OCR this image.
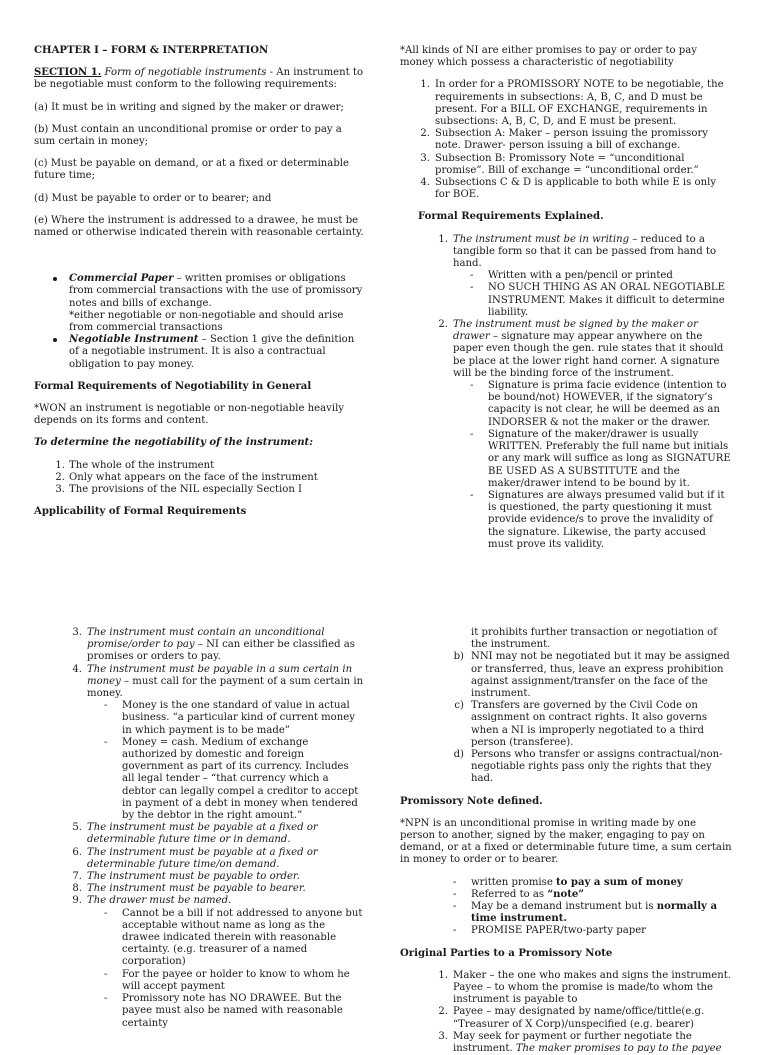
CHAPTER I – FORM & INTERPRETATION

SECTION 1. Form of negotiable instruments - An instrument to be negotiable must conform to the following requirements:

(a) It must be in writing and signed by the maker or drawer;

(b) Must contain an unconditional promise or order to pay a sum certain in money;

(c) Must be payable on demand, or at a fixed or determinable future time;

(d) Must be payable to order or to bearer; and

(e) Where the instrument is addressed to a drawee, he must be named or otherwise indicated therein with reasonable certainty.

Commercial Paper – written promises or obligations from commercial transactions with the use of promissory notes and bills of exchange.
*either negotiable or non-negotiable and should arise from commercial transactions
Negotiable Instrument – Section 1 give the definition of a negotiable instrument. It is also a contractual obligation to pay money.

Formal Requirements of Negotiability in General

*WON an instrument is negotiable or non-negotiable heavily depends on its forms and content.

To determine the negotiability of the instrument:

1. The whole of the instrument
2. Only what appears on the face of the instrument
3. The provisions of the NIL especially Section I

Applicability of Formal Requirements

*All kinds of NI are either promises to pay or order to pay money which possess a characteristic of negotiability

1. In order for a PROMISSORY NOTE to be negotiable, the requirements in subsections: A, B, C, and D must be present. For a BILL OF EXCHANGE, requirements in subsections: A, B, C, D, and E must be present.
2. Subsection A: Maker – person issuing the promissory note. Drawer- person issuing a bill of exchange.
3. Subsection B: Promissory Note = “unconditional promise”. Bill of exchange = “unconditional order.”
4. Subsections C & D is applicable to both while E is only for BOE.

Formal Requirements Explained.

1. The instrument must be in writing – reduced to a tangible form so that it can be passed from hand to hand.
- Written with a pen/pencil or printed
- NO SUCH THING AS AN ORAL NEGOTIABLE INSTRUMENT. Makes it difficult to determine liability.
2. The instrument must be signed by the maker or drawer – signature may appear anywhere on the paper even though the gen. rule states that it should be place at the lower right hand corner. A signature will be the binding force of the instrument.
- Signature is prima facie evidence (intention to be bound/not) HOWEVER, if the signatory’s capacity is not clear, he will be deemed as an INDORSER & not the maker or the drawer.
- Signature of the maker/drawer is usually WRITTEN. Preferably the full name but initials or any mark will suffice as long as SIGNATURE BE USED AS A SUBSTITUTE and the maker/drawer intend to be bound by it.
- Signatures are always presumed valid but if it is questioned, the party questioning it must provide evidence/s to prove the invalidity of the signature. Likewise, the party accused must prove its validity.
3. The instrument must contain an unconditional promise/order to pay – NI can either be classified as promises or orders to pay.
4. The instrument must be payable in a sum certain in money – must call for the payment of a sum certain in money.
- Money is the one standard of value in actual business. “a particular kind of current money in which payment is to be made”
- Money = cash. Medium of exchange authorized by domestic and foreign government as part of its currency. Includes all legal tender – “that currency which a debtor can legally compel a creditor to accept in payment of a debt in money when tendered by the debtor in the right amount.”
5. The instrument must be payable at a fixed or determinable future time or in demand.
6. The instrument must be payable at a fixed or determinable future time/on demand.
7. The instrument must be payable to order.
8. The instrument must be payable to bearer.
9. The drawer must be named.
- Cannot be a bill if not addressed to anyone but acceptable without name as long as the drawee indicated therein with reasonable certainty. (e.g. treasurer of a named corporation)
- For the payee or holder to know to whom he will accept payment
- Promissory note has NO DRAWEE. But the payee must also be named with reasonable certainty

it prohibits further transaction or negotiation of the instrument.

b) NNI may not be negotiated but it may be assigned or transferred, thus, leave an express prohibition against assignment/transfer on the face of the instrument.
c) Transfers are governed by the Civil Code on assignment on contract rights. It also governs when a NI is improperly negotiated to a third person (transferee).
d) Persons who transfer or assigns contractual/non-negotiable rights pass only the rights that they had.

Promissory Note defined.

*NPN is an unconditional promise in writing made by one person to another, signed by the maker, engaging to pay on demand, or at a fixed or determinable future time, a sum certain in money to order or to bearer.

- written promise to pay a sum of money
- Referred to as “note”
- May be a demand instrument but is normally a time instrument.
- PROMISE PAPER/two-party paper

Original Parties to a Promissory Note

1. Maker – the one who makes and signs the instrument. Payee – to whom the promise is made/to whom the instrument is payable to
2. Payee – may designated by name/office/tittle(e.g. “Treasurer of X Corp)/unspecified (e.g. bearer)
3. May seek for payment or further negotiate the instrument. The maker promises to pay to the payee
